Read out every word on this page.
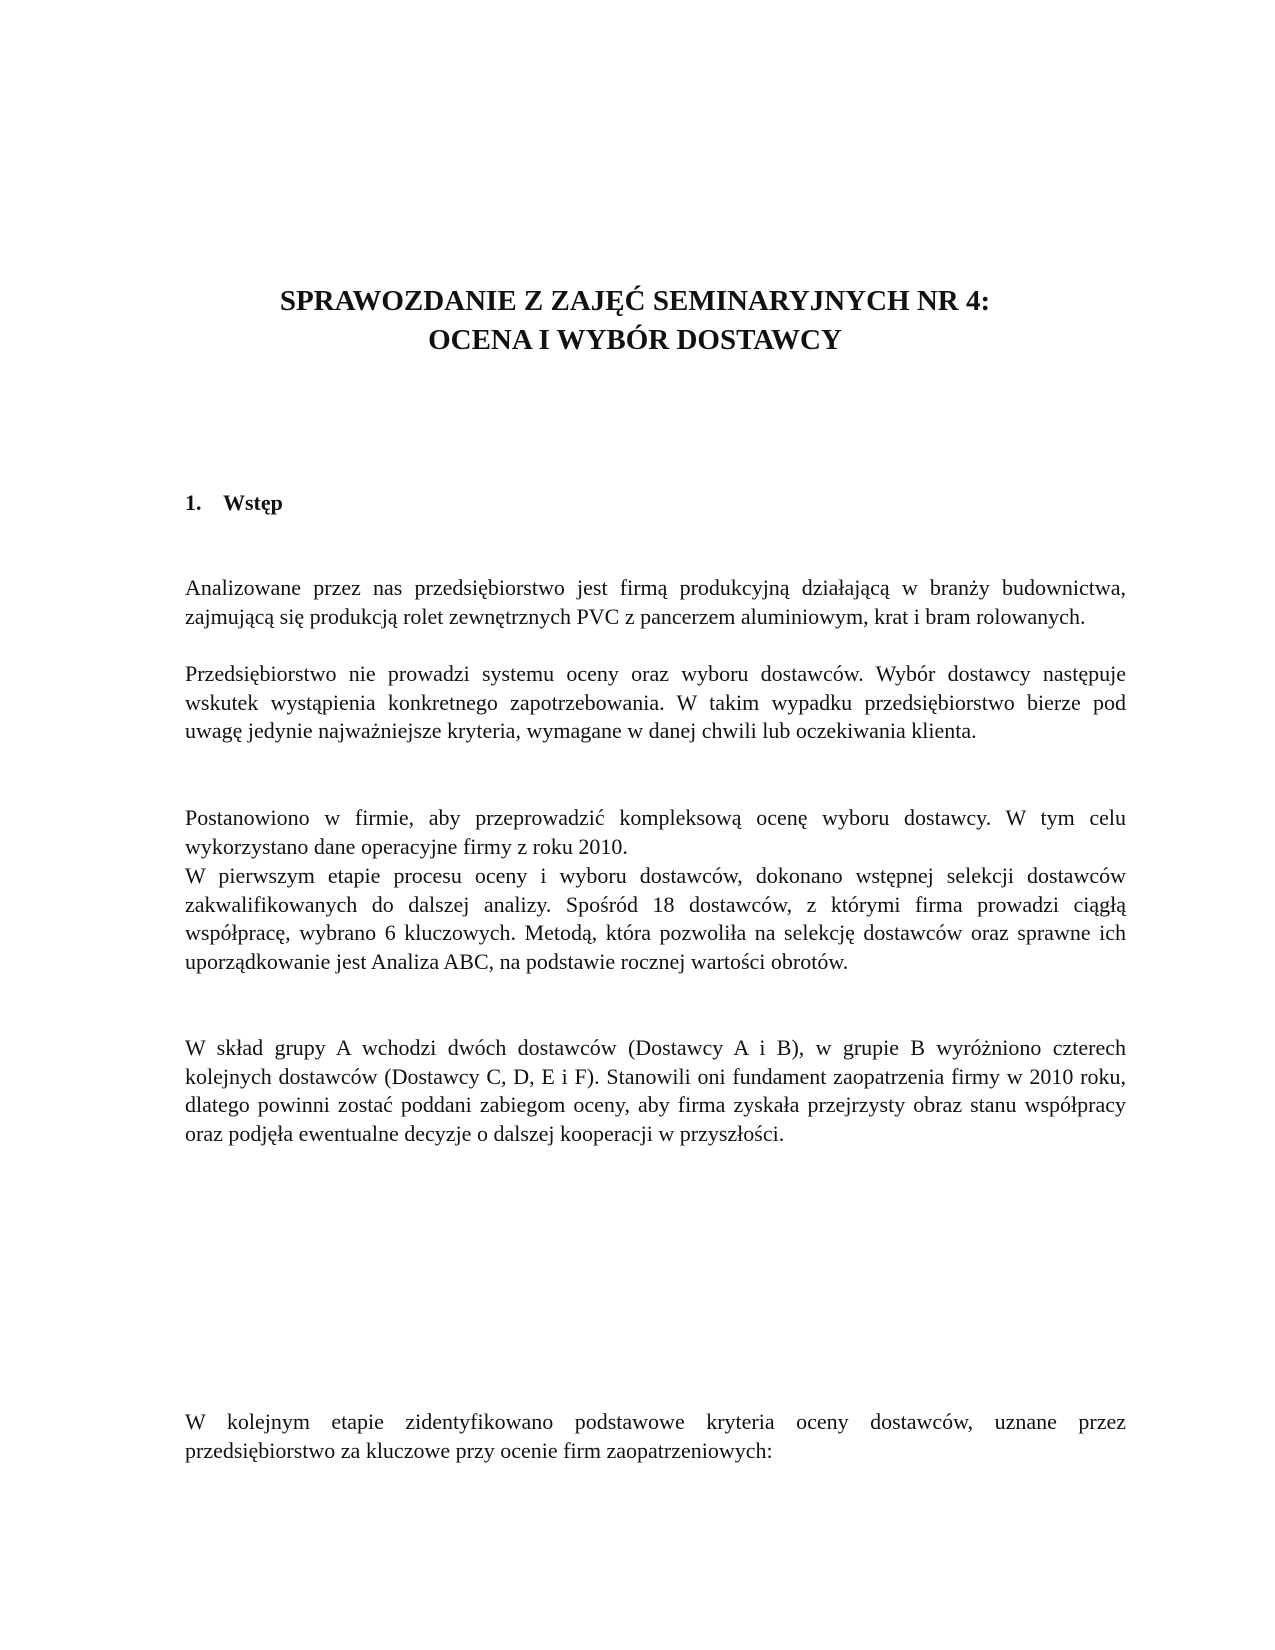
SPRAWOZDANIE Z ZAJĘĆ SEMINARYJNYCH NR 4:
OCENA I WYBÓR DOSTAWCY
1. Wstęp

Analizowane przez nas przedsiębiorstwo jest firmą produkcyjną działającą w branży budownictwa, zajmującą się produkcją rolet zewnętrznych PVC z pancerzem aluminiowym, krat i bram rolowanych.

Przedsiębiorstwo nie prowadzi systemu oceny oraz wyboru dostawców. Wybór dostawcy następuje wskutek wystąpienia konkretnego zapotrzebowania. W takim wypadku przedsiębiorstwo bierze pod uwagę jedynie najważniejsze kryteria, wymagane w danej chwili lub oczekiwania klienta.

Postanowiono w firmie, aby przeprowadzić kompleksową ocenę wyboru dostawcy. W tym celu wykorzystano dane operacyjne firmy z roku 2010.

W pierwszym etapie procesu oceny i wyboru dostawców, dokonano wstępnej selekcji dostawców zakwalifikowanych do dalszej analizy. Spośród 18 dostawców, z którymi firma prowadzi ciągłą współpracę, wybrano 6 kluczowych. Metodą, która pozwoliła na selekcję dostawców oraz sprawne ich uporządkowanie jest Analiza ABC, na podstawie rocznej wartości obrotów.

W skład grupy A wchodzi dwóch dostawców (Dostawcy A i B), w grupie B wyróżniono czterech kolejnych dostawców (Dostawcy C, D, E i F). Stanowili oni fundament zaopatrzenia firmy w 2010 roku, dlatego powinni zostać poddani zabiegom oceny, aby firma zyskała przejrzysty obraz stanu współpracy oraz podjęła ewentualne decyzje o dalszej kooperacji w przyszłości.

W kolejnym etapie zidentyfikowano podstawowe kryteria oceny dostawców, uznane przez przedsiębiorstwo za kluczowe przy ocenie firm zaopatrzeniowych:
